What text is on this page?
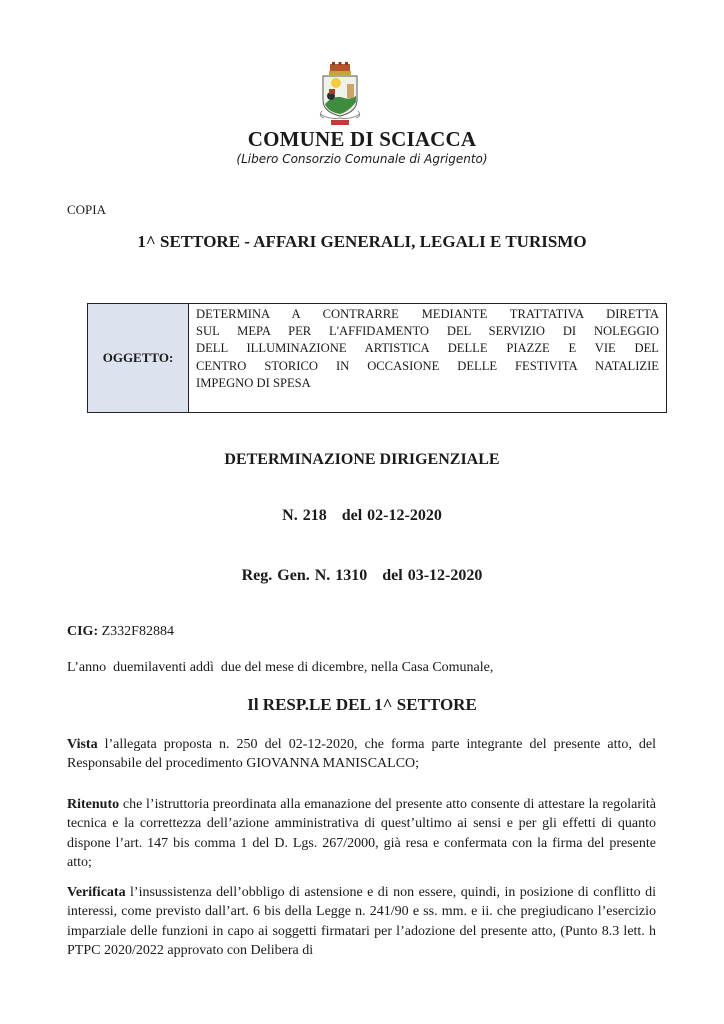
COMUNE DI SCIACCA
(Libero Consorzio Comunale di Agrigento)
COPIA
1^ SETTORE - AFFARI GENERALI, LEGALI E TURISMO
OGGETTO:
DETERMINA A CONTRARRE MEDIANTE TRATTATIVA DIRETTA
SUL MEPA PER L'AFFIDAMENTO DEL SERVIZIO DI NOLEGGIO
DELL ILLUMINAZIONE ARTISTICA DELLE PIAZZE E VIE DEL
CENTRO STORICO IN OCCASIONE DELLE FESTIVITA NATALIZIE
IMPEGNO DI SPESA
DETERMINAZIONE DIRIGENZIALE
N. 218   del 02-12-2020
Reg. Gen. N. 1310   del 03-12-2020
CIG: Z332F82884
L’anno  duemilaventi addì  due del mese di dicembre, nella Casa Comunale,
Il RESP.LE DEL 1^ SETTORE
Vista l’allegata proposta n. 250 del 02-12-2020, che forma parte integrante del presente atto, del Responsabile del procedimento GIOVANNA MANISCALCO;
Ritenuto che l’istruttoria preordinata alla emanazione del presente atto consente di attestare la regolarità tecnica e la correttezza dell’azione amministrativa di quest’ultimo ai sensi e per gli effetti di quanto dispone l’art. 147 bis comma 1 del D. Lgs. 267/2000, già resa e confermata con la firma del presente atto;
Verificata l’insussistenza dell’obbligo di astensione e di non essere, quindi, in posizione di conflitto di interessi, come previsto dall’art. 6 bis della Legge n. 241/90 e ss. mm. e ii. che pregiudicano l’esercizio imparziale delle funzioni in capo ai soggetti firmatari per l’adozione del presente atto, (Punto 8.3 lett. h PTPC 2020/2022 approvato con Delibera di
